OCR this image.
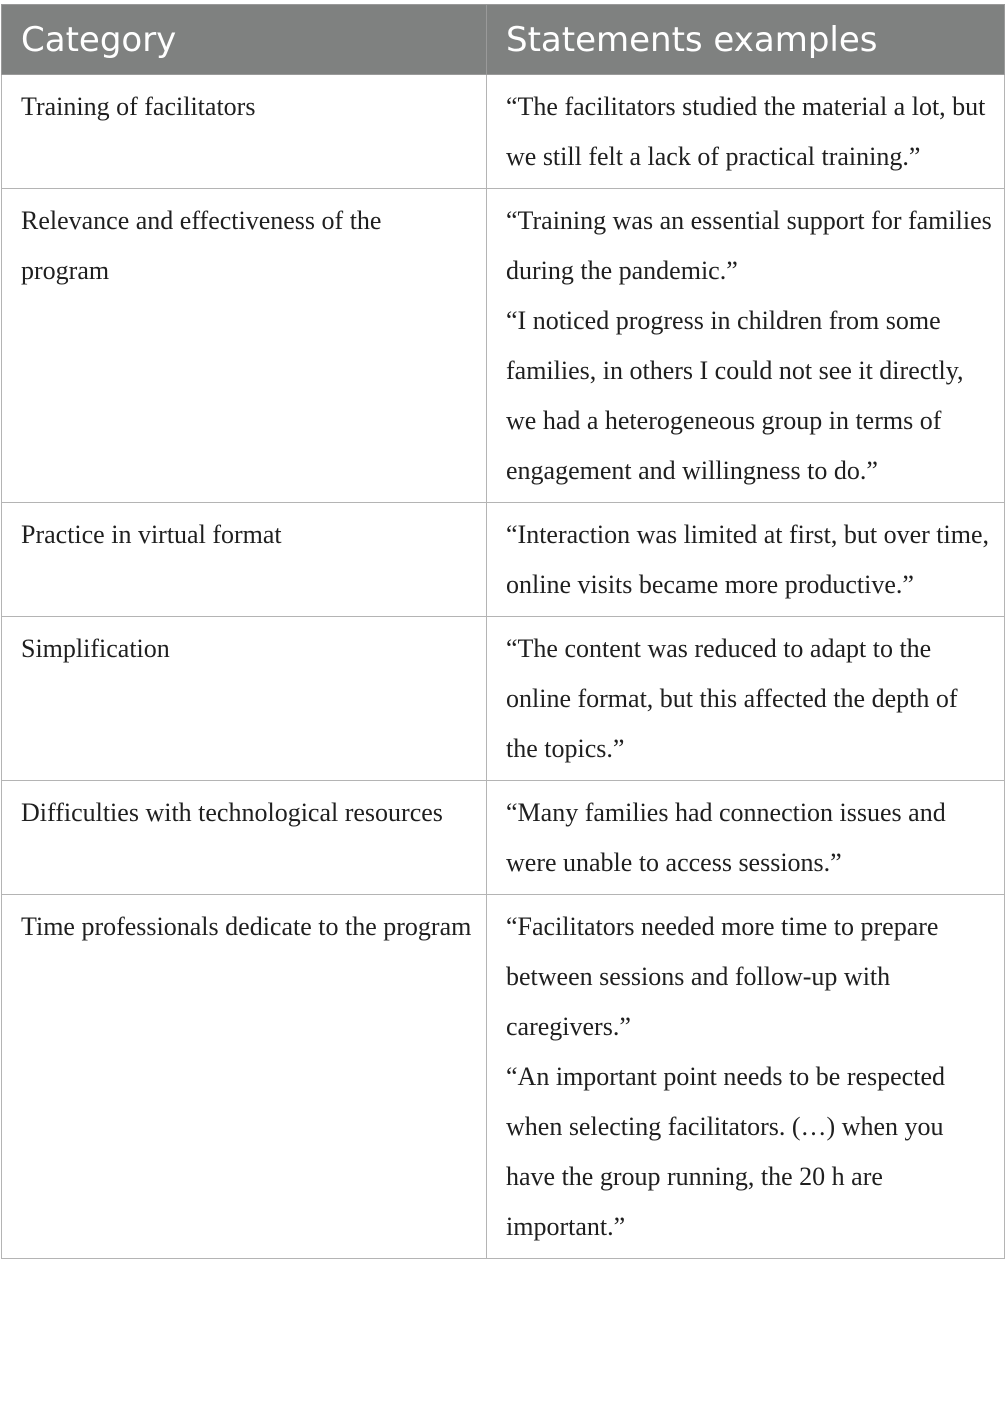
Category	Statements examples
Training of facilitators	“The facilitators studied the material a lot, but we still felt a lack of practical training.”

Relevance and effectiveness of the program	“Training was an essential support for families during the pandemic.”
“I noticed progress in children from some families, in others I could not see it directly, we had a heterogeneous group in terms of engagement and willingness to do.”

Practice in virtual format	“Interaction was limited at first, but over time, online visits became more productive.”

Simplification	“The content was reduced to adapt to the online format, but this affected the depth of the topics.”

Difficulties with technological resources	“Many families had connection issues and were unable to access sessions.”

Time professionals dedicate to the program	“Facilitators needed more time to prepare between sessions and follow-up with caregivers.”
“An important point needs to be respected when selecting facilitators. (…) when you have the group running, the 20 h are important.”
